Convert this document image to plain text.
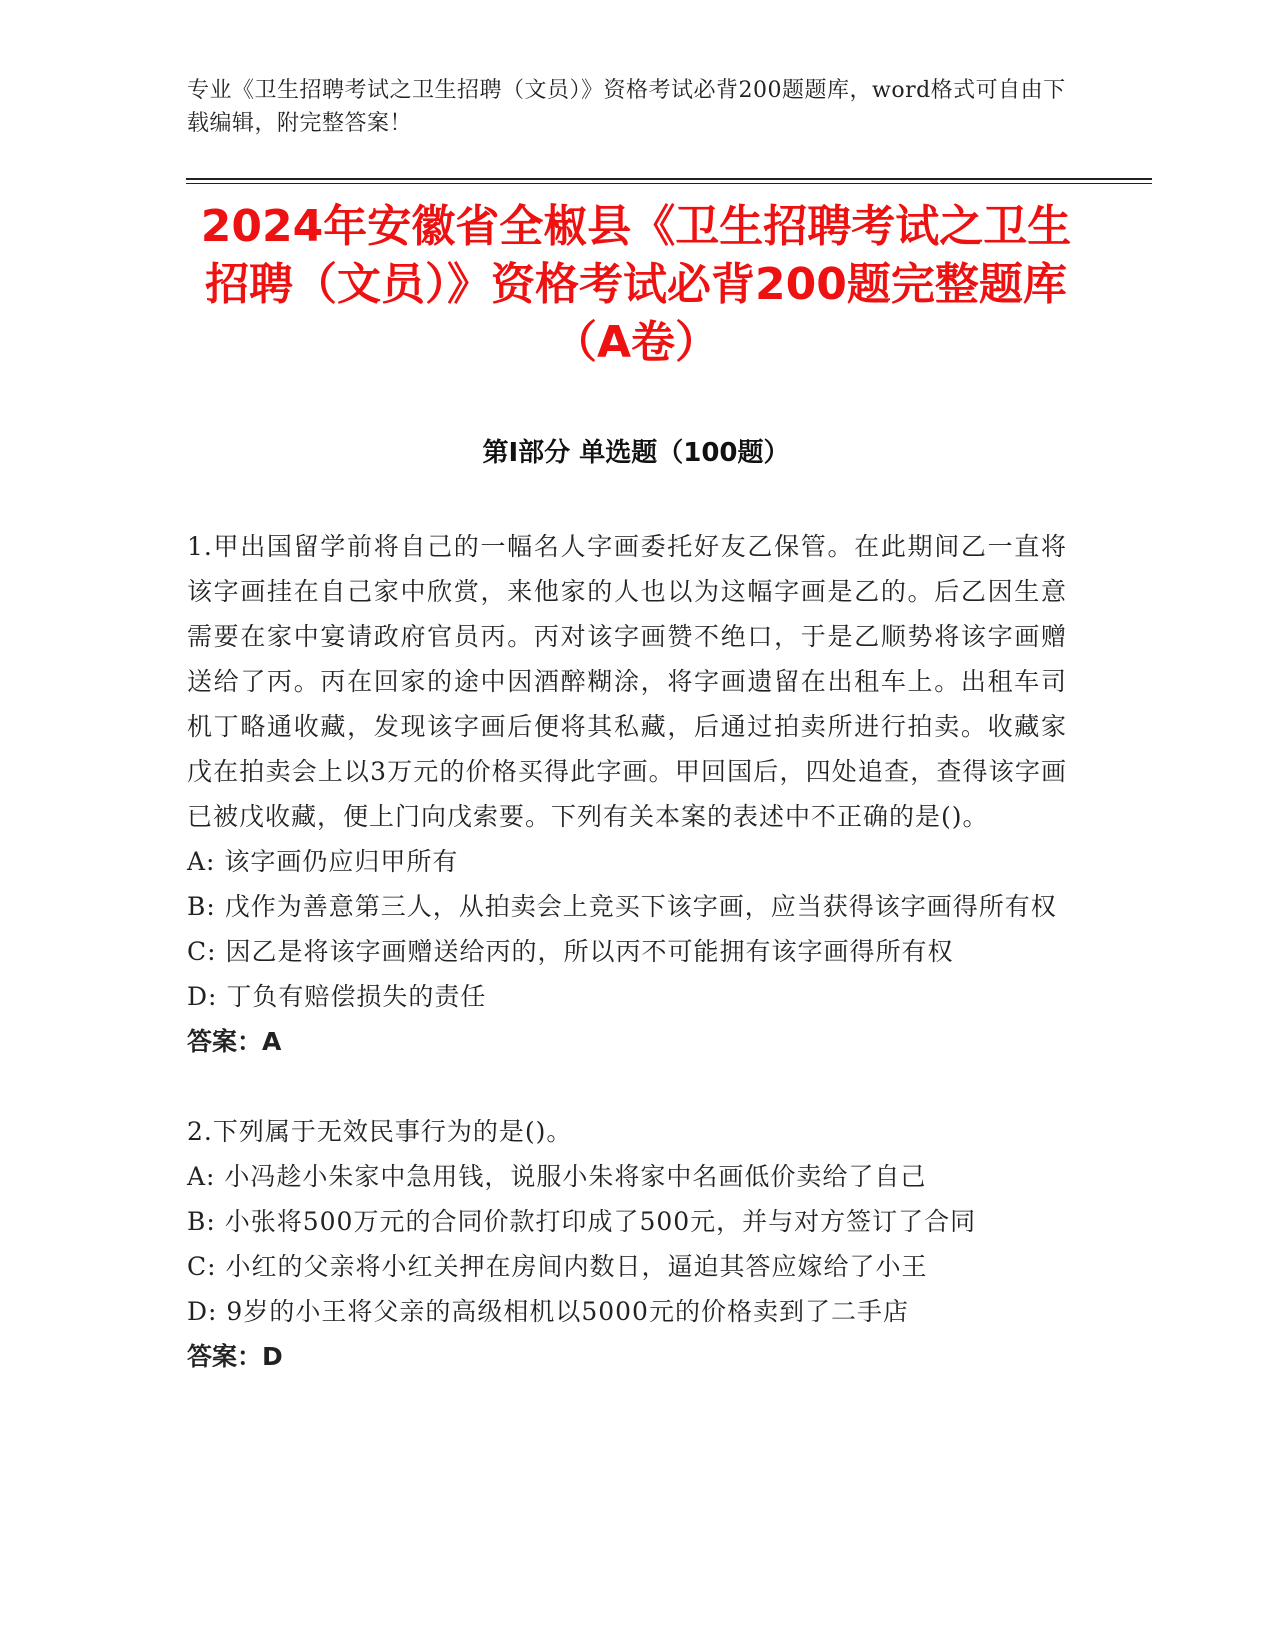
专业《卫生招聘考试之卫生招聘（文员）》资格考试必背200题题库，word格式可自由下载编辑，附完整答案！
2024年安徽省全椒县《卫生招聘考试之卫生招聘（文员）》资格考试必背200题完整题库（A卷）
第Ⅰ部分 单选题（100题）

1.甲出国留学前将自己的一幅名人字画委托好友乙保管。在此期间乙一直将该字画挂在自己家中欣赏，来他家的人也以为这幅字画是乙的。后乙因生意需要在家中宴请政府官员丙。丙对该字画赞不绝口，于是乙顺势将该字画赠送给了丙。丙在回家的途中因酒醉糊涂，将字画遗留在出租车上。出租车司机丁略通收藏，发现该字画后便将其私藏，后通过拍卖所进行拍卖。收藏家戊在拍卖会上以3万元的价格买得此字画。甲回国后，四处追查，查得该字画已被戊收藏，便上门向戊索要。下列有关本案的表述中不正确的是()。

A: 该字画仍应归甲所有

B: 戊作为善意第三人，从拍卖会上竞买下该字画，应当获得该字画得所有权

C: 因乙是将该字画赠送给丙的，所以丙不可能拥有该字画得所有权

D: 丁负有赔偿损失的责任

答案：A

2.下列属于无效民事行为的是()。

A: 小冯趁小朱家中急用钱，说服小朱将家中名画低价卖给了自己

B: 小张将500万元的合同价款打印成了500元，并与对方签订了合同

C: 小红的父亲将小红关押在房间内数日，逼迫其答应嫁给了小王

D: 9岁的小王将父亲的高级相机以5000元的价格卖到了二手店

答案：D
